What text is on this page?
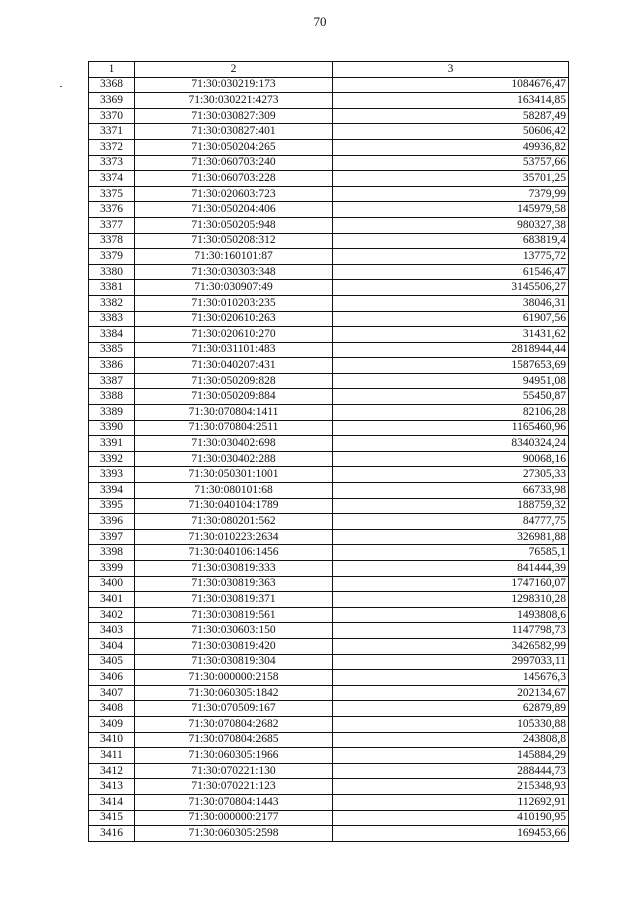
70
1	2	3
3368	71:30:030219:173	1084676,47
3369	71:30:030221:4273	163414,85
3370	71:30:030827:309	58287,49
3371	71:30:030827:401	50606,42
3372	71:30:050204:265	49936,82
3373	71:30:060703:240	53757,66
3374	71:30:060703:228	35701,25
3375	71:30:020603:723	7379,99
3376	71:30:050204:406	145979,58
3377	71:30:050205:948	980327,38
3378	71:30:050208:312	683819,4
3379	71:30:160101:87	13775,72
3380	71:30:030303:348	61546,47
3381	71:30:030907:49	3145506,27
3382	71:30:010203:235	38046,31
3383	71:30:020610:263	61907,56
3384	71:30:020610:270	31431,62
3385	71:30:031101:483	2818944,44
3386	71:30:040207:431	1587653,69
3387	71:30:050209:828	94951,08
3388	71:30:050209:884	55450,87
3389	71:30:070804:1411	82106,28
3390	71:30:070804:2511	1165460,96
3391	71:30:030402:698	8340324,24
3392	71:30:030402:288	90068,16
3393	71:30:050301:1001	27305,33
3394	71:30:080101:68	66733,98
3395	71:30:040104:1789	188759,32
3396	71:30:080201:562	84777,75
3397	71:30:010223:2634	326981,88
3398	71:30:040106:1456	76585,1
3399	71:30:030819:333	841444,39
3400	71:30:030819:363	1747160,07
3401	71:30:030819:371	1298310,28
3402	71:30:030819:561	1493808,6
3403	71:30:030603:150	1147798,73
3404	71:30:030819:420	3426582,99
3405	71:30:030819:304	2997033,11
3406	71:30:000000:2158	145676,3
3407	71:30:060305:1842	202134,67
3408	71:30:070509:167	62879,89
3409	71:30:070804:2682	105330,88
3410	71:30:070804:2685	243808,8
3411	71:30:060305:1966	145884,29
3412	71:30:070221:130	288444,73
3413	71:30:070221:123	215348,93
3414	71:30:070804:1443	112692,91
3415	71:30:000000:2177	410190,95
3416	71:30:060305:2598	169453,66
